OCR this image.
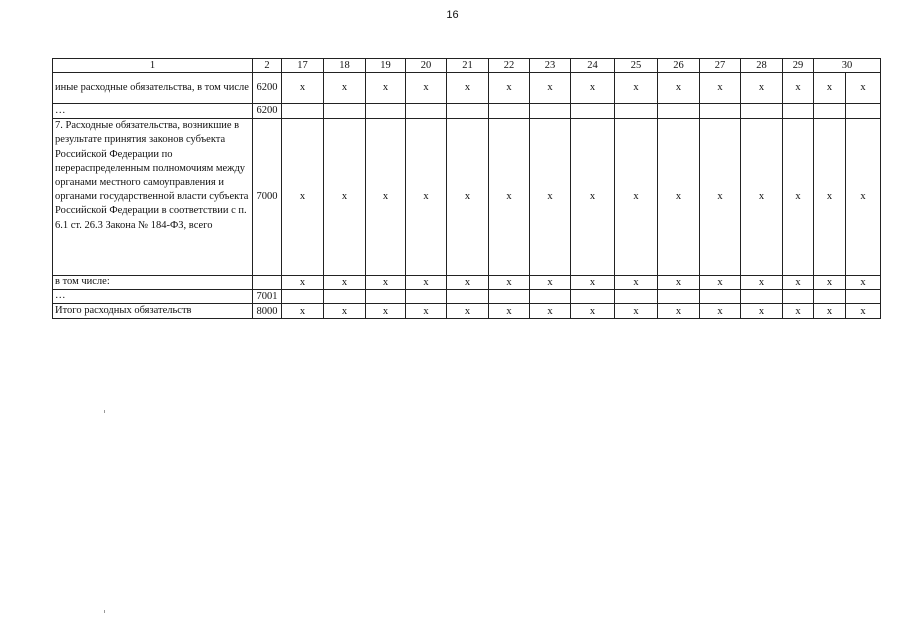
16
1	2	17	18	19	20	21	22	23	24	25	26	27	28	29	30	
иные расходные обязательства, в том числе	6200	x	x	x	x	x	x	x	x	x	x	x	x	x	x	x
…	6200															
7. Расходные обязательства, возникшие в результате принятия законов субъекта Российской Федерации по перераспределенным полномочиям между органами местного самоуправления и органами государственной власти субъекта Российской Федерации в соответствии с п. 6.1 ст. 26.3 Закона № 184-ФЗ, всего	7000	x	x	x	x	x	x	x	x	x	x	x	x	x	x	x
в том числе:		x	x	x	x	x	x	x	x	x	x	x	x	x	x	x
…	7001															
Итого расходных обязательств	8000	x	x	x	x	x	x	x	x	x	x	x	x	x	x	x
